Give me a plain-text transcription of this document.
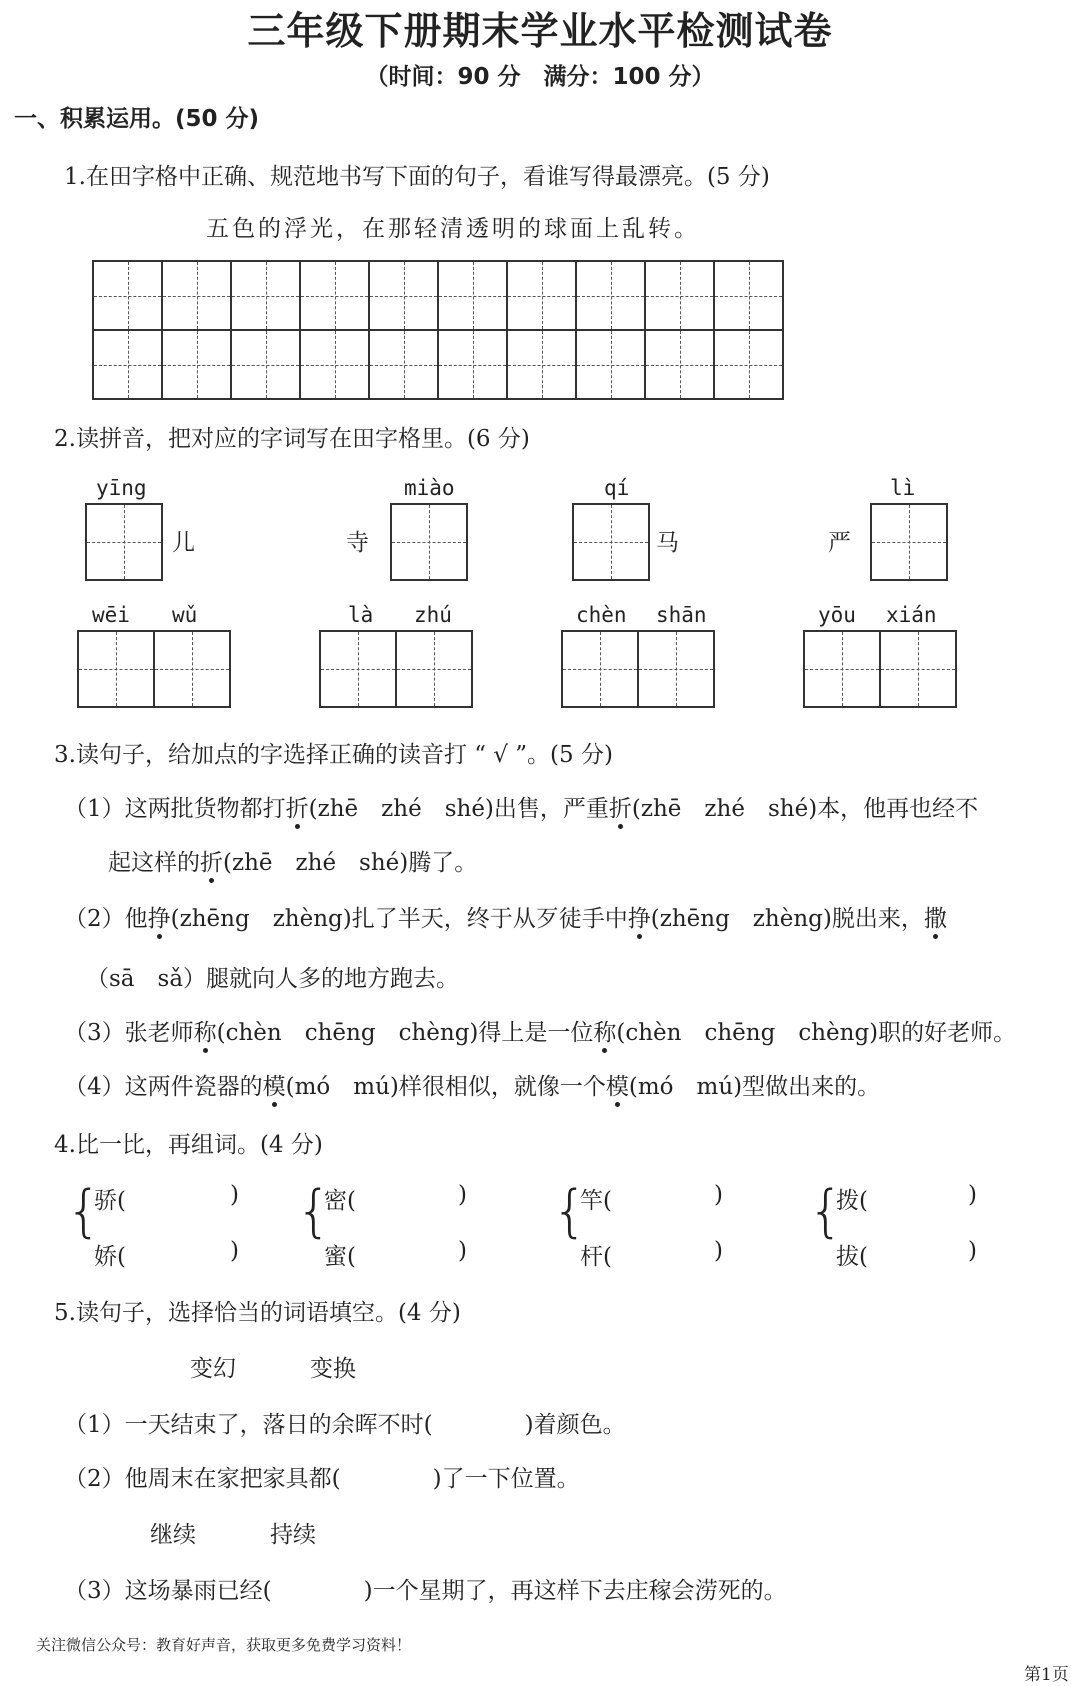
三年级下册期末学业水平检测试卷
（时间：90 分　满分：100 分）
一、积累运用。(50 分)
1.在田字格中正确、规范地书写下面的句子，看谁写得最漂亮。(5 分)
五色的浮光，在那轻清透明的球面上乱转。
2.读拼音，把对应的字词写在田字格里。(6 分)
yīng
儿
miào
寺
qí
马
lì
严
wēi wǔ	là zhú	chèn shān	yōu xián
3.读句子，给加点的字选择正确的读音打 “ √ ”。(5 分)
（1）这两批货物都打折(zhē　zhé　shé)出售，严重折(zhē　zhé　shé)本，他再也经不
起这样的折(zhē　zhé　shé)腾了。
（2）他挣(zhēng　zhèng)扎了半天，终于从歹徒手中挣(zhēng　zhèng)脱出来，撒
（sā　sǎ）腿就向人多的地方跑去。
（3）张老师称(chèn　chēng　chèng)得上是一位称(chèn　chēng　chèng)职的好老师。
（4）这两件瓷器的模(mó　mú)样很相似，就像一个模(mó　mú)型做出来的。
4.比一比，再组词。(4 分)
{
骄(	)
娇(	)
{
密(	)
蜜(	)
{
竿(	)
杆(	)
{
拨(	)
拔(	)
5.读句子，选择恰当的词语填空。(4 分)
变幻	变换
（1）一天结束了，落日的余晖不时(　　　　)着颜色。
（2）他周末在家把家具都(　　　　)了一下位置。
继续	持续
（3）这场暴雨已经(　　　　)一个星期了，再这样下去庄稼会涝死的。
关注微信公众号：教育好声音，获取更多免费学习资料！
第1页
